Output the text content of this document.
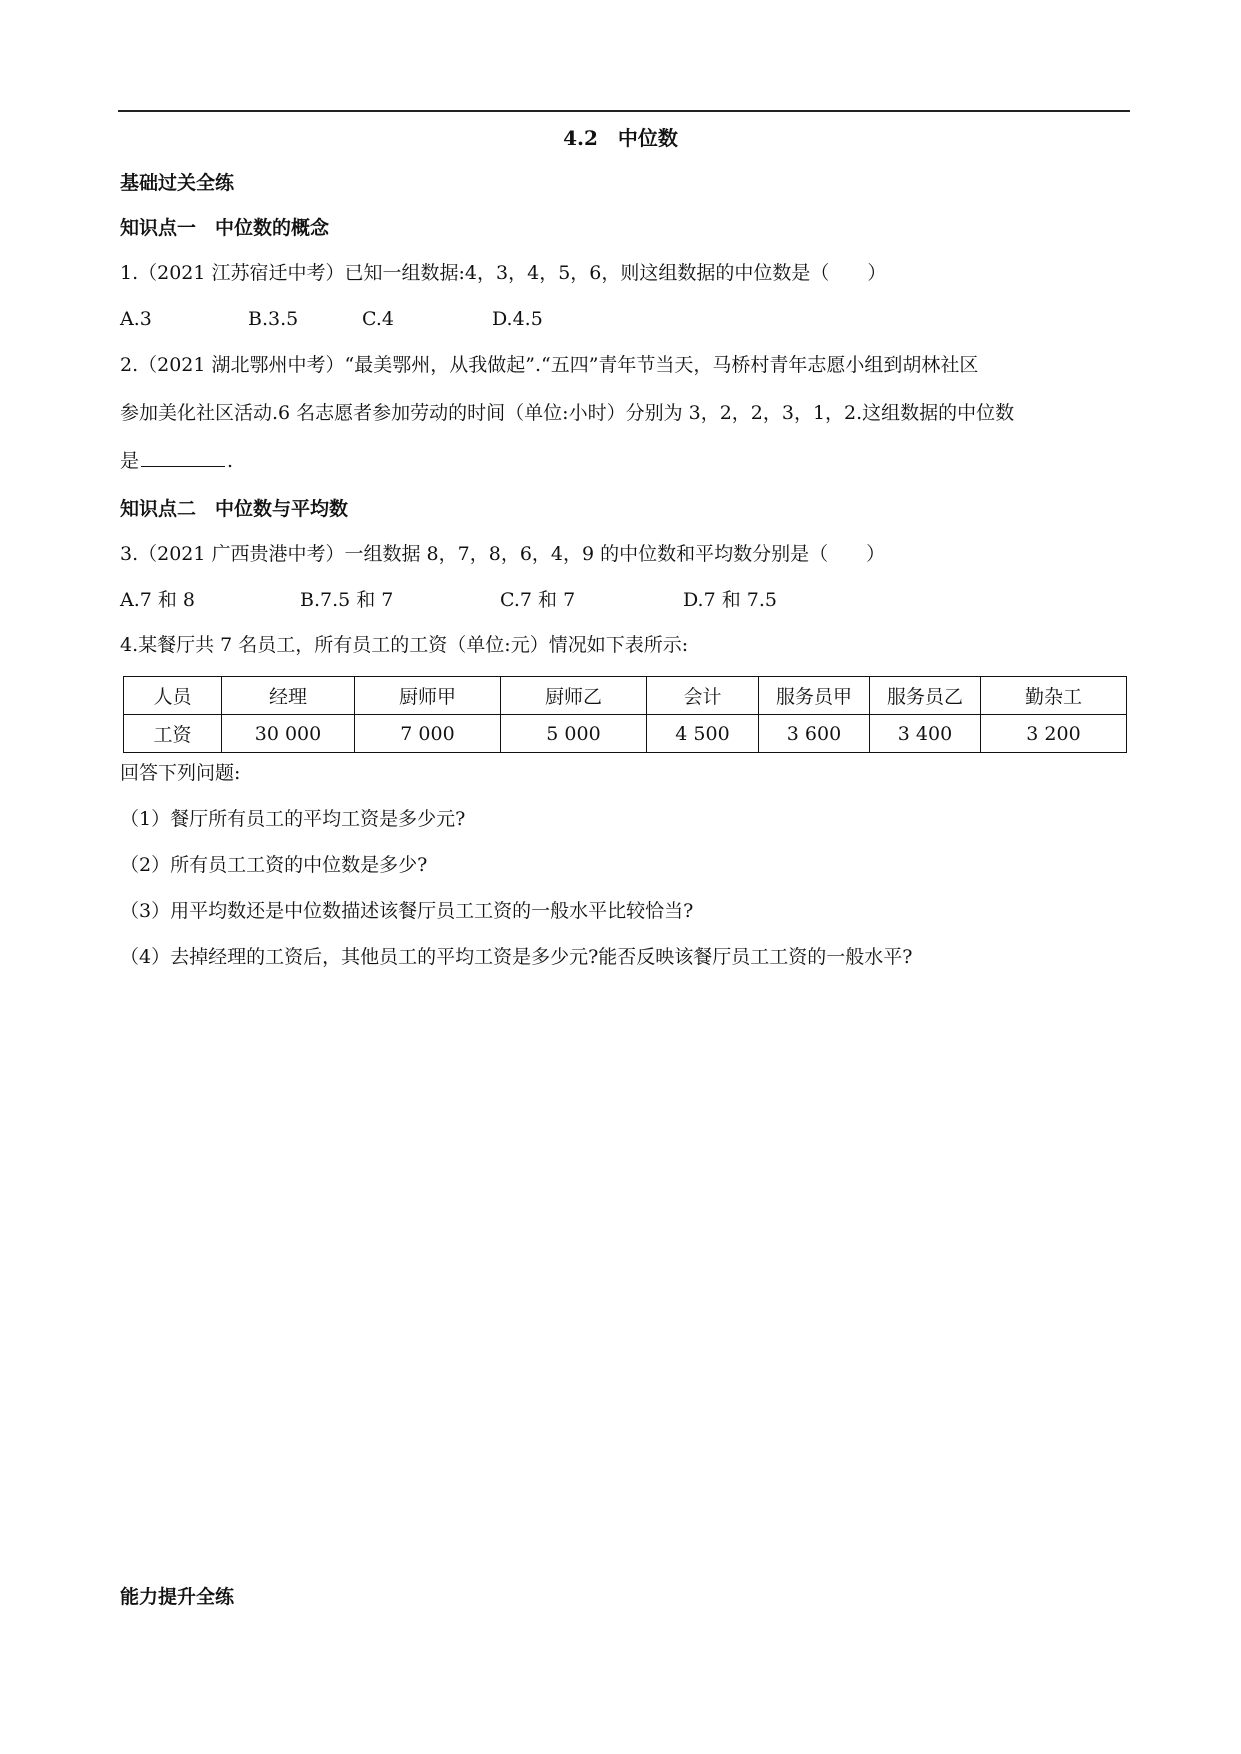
4.2　中位数
基础过关全练
知识点一　中位数的概念
1.（2021 江苏宿迁中考）已知一组数据:4，3，4，5，6，则这组数据的中位数是（　　）
A.3	B.3.5	C.4	D.4.5
2.（2021 湖北鄂州中考）“最美鄂州，从我做起”.“五四”青年节当天，马桥村青年志愿小组到胡林社区
参加美化社区活动.6 名志愿者参加劳动的时间（单位:小时）分别为 3，2，2，3，1，2.这组数据的中位数
是	.
知识点二　中位数与平均数
3.（2021 广西贵港中考）一组数据 8，7，8，6，4，9 的中位数和平均数分别是（　　）
A.7 和 8	B.7.5 和 7	C.7 和 7	D.7 和 7.5
4.某餐厅共 7 名员工，所有员工的工资（单位:元）情况如下表所示:
人员	经理	厨师甲	厨师乙	会计	服务员甲	服务员乙	勤杂工
工资	30 000	7 000	5 000	4 500	3 600	3 400	3 200
回答下列问题:
（1）餐厅所有员工的平均工资是多少元?
（2）所有员工工资的中位数是多少?
（3）用平均数还是中位数描述该餐厅员工工资的一般水平比较恰当?
（4）去掉经理的工资后，其他员工的平均工资是多少元?能否反映该餐厅员工工资的一般水平?
能力提升全练
